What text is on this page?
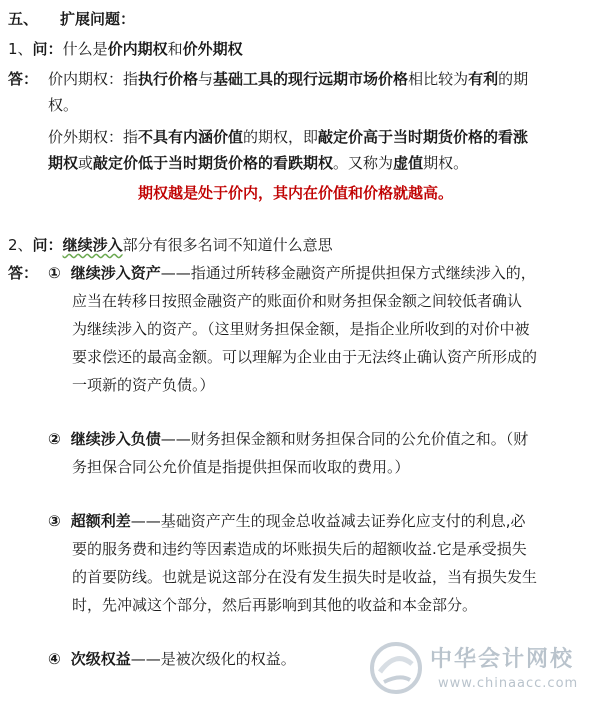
五、 扩展问题：
1、问：什么是价内期权和价外期权
答： 价内期权：指执行价格与基础工具的现行远期市场价格相比较为有利的期
权。
价外期权：指不具有内涵价值的期权，即敲定价高于当时期货价格的看涨
期权或敲定价低于当时期货价格的看跌期权。又称为虚值期权。
期权越是处于价内，其内在价值和价格就越高。
2、问：继续涉入部分有很多名词不知道什么意思
答： ① 继续涉入资产——指通过所转移金融资产所提供担保方式继续涉入的，
应当在转移日按照金融资产的账面价和财务担保金额之间较低者确认
为继续涉入的资产。（这里财务担保金额，是指企业所收到的对价中被
要求偿还的最高金额。可以理解为企业由于无法终止确认资产所形成的
一项新的资产负债。）
② 继续涉入负债——财务担保金额和财务担保合同的公允价值之和。（财
务担保合同公允价值是指提供担保而收取的费用。）
③ 超额利差——基础资产产生的现金总收益减去证券化应支付的利息,必
要的服务费和违约等因素造成的坏账损失后的超额收益.它是承受损失
的首要防线。也就是说这部分在没有发生损失时是收益，当有损失发生
时，先冲减这个部分，然后再影响到其他的收益和本金部分。
④ 次级权益——是被次级化的权益。	中华会计网校
www.chinaacc.com
